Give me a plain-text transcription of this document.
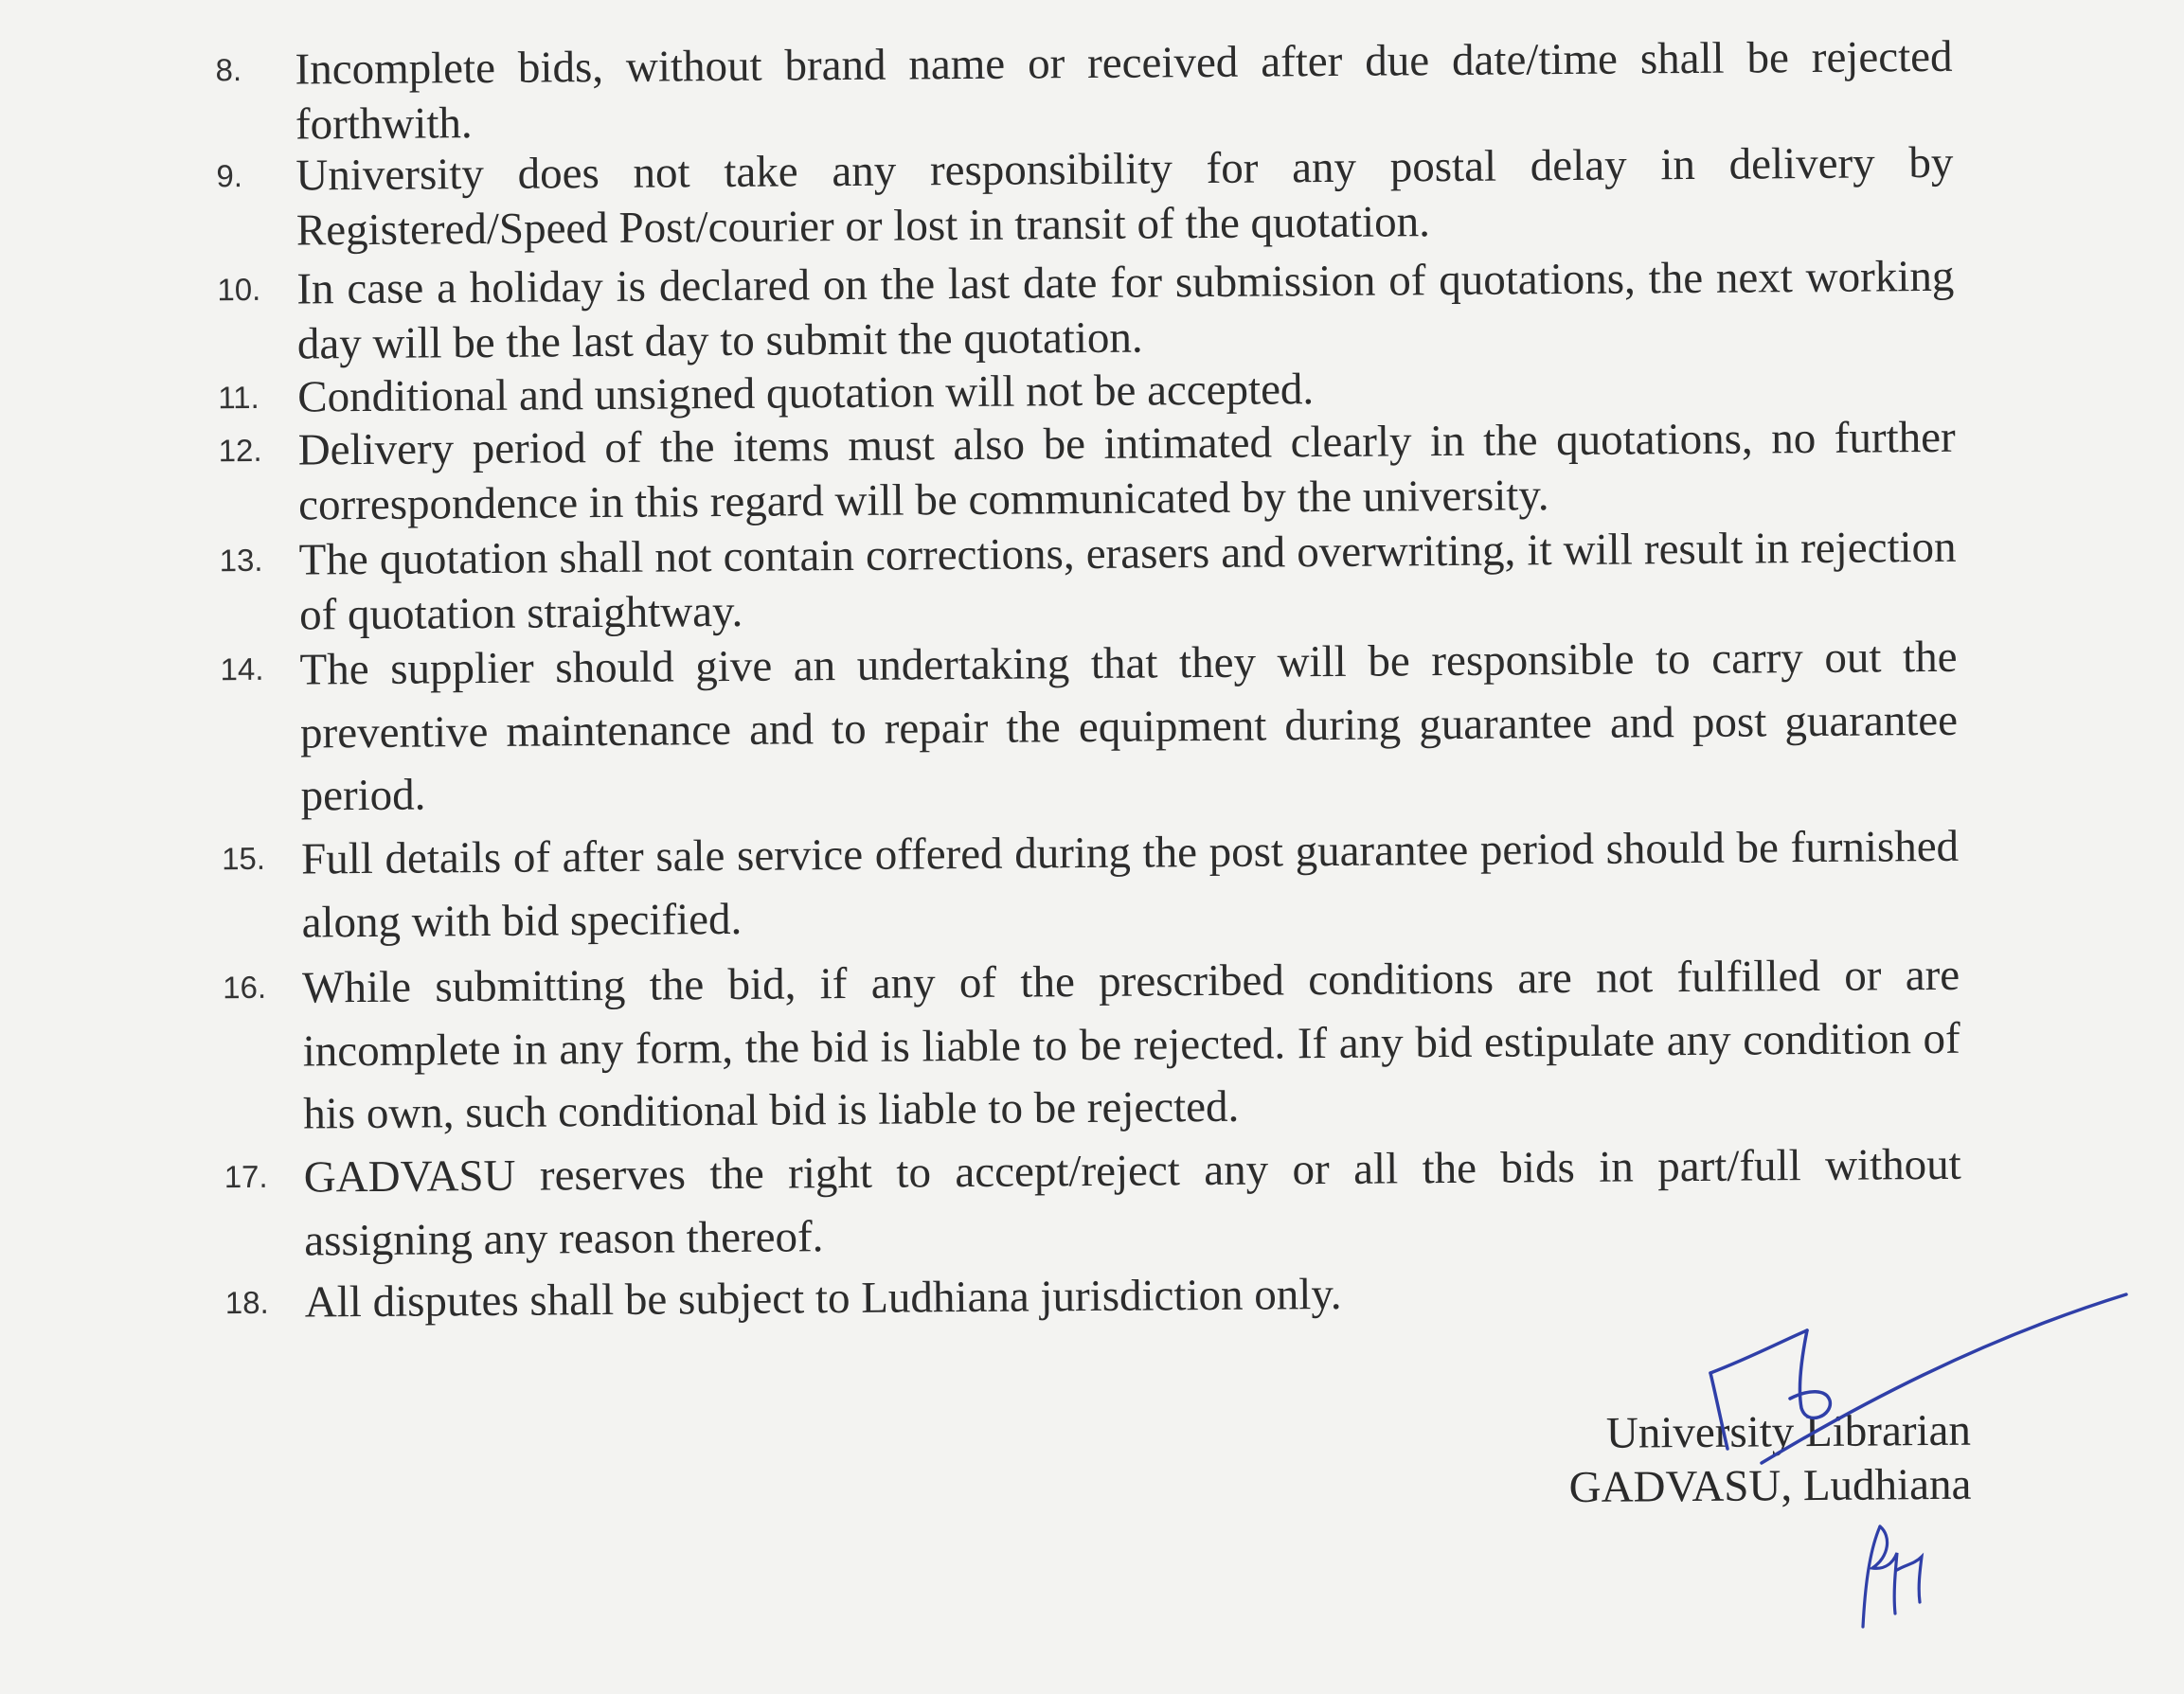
8. Incomplete bids, without brand name or received after due date/time shall be rejected forthwith.
9. University does not take any responsibility for any postal delay in delivery by Registered/Speed Post/courier or lost in transit of the quotation.
10. In case a holiday is declared on the last date for submission of quotations, the next working day will be the last day to submit the quotation.
11. Conditional and unsigned quotation will not be accepted.
12. Delivery period of the items must also be intimated clearly in the quotations, no further correspondence in this regard will be communicated by the university.
13. The quotation shall not contain corrections, erasers and overwriting, it will result in rejection of quotation straightway.
14. The supplier should give an undertaking that they will be responsible to carry out the preventive maintenance and to repair the equipment during guarantee and post guarantee period.
15. Full details of after sale service offered during the post guarantee period should be furnished along with bid specified.
16. While submitting the bid, if any of the prescribed conditions are not fulfilled or are incomplete in any form, the bid is liable to be rejected. If any bid estipulate any condition of his own, such conditional bid is liable to be rejected.
17. GADVASU reserves the right to accept/reject any or all the bids in part/full without assigning any reason thereof.
18. All disputes shall be subject to Ludhiana jurisdiction only.
University Librarian
GADVASU, Ludhiana
